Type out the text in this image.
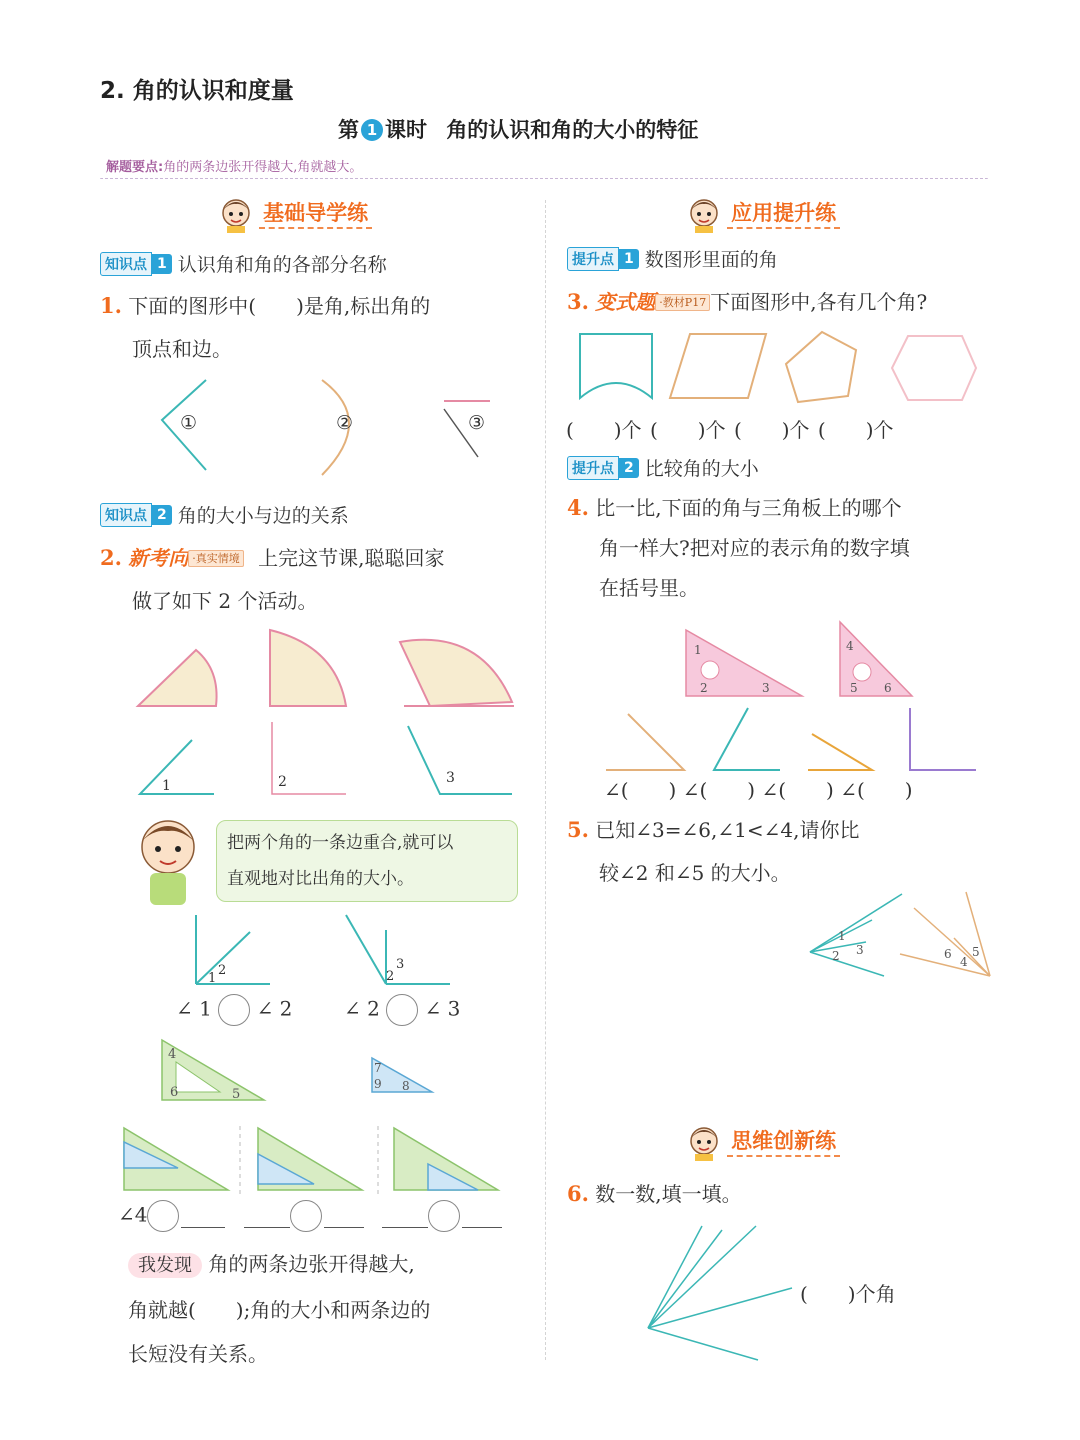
2. 角的认识和度量
第 1 课时 角的认识和角的大小的特征
解题要点:角的两条边张开得越大,角就越大。
基础导学练
知识点 1 认识角和角的各部分名称
1. 下面的图形中(　　)是角,标出角的
顶点和边。
①	②	③
知识点 2 角的大小与边的关系
2. 新考向 ·真实情境 上完这节课,聪聪回家
做了如下 2 个活动。
1	2	3
把两个角的一条边重合,就可以
直观地对比出角的大小。
1
2	2
3
∠ 1 ∠ 2	∠ 2 ∠ 3
4
6	5
7
9 8
∠4
我发现 角的两条边张开得越大,
角就越(　　);角的大小和两条边的
长短没有关系。
应用提升练
提升点 1 数图形里面的角
3. 变式题 ·教材P17 下面图形中,各有几个角?
(　　)个 (　　)个 (　　)个 (　　)个
提升点 2 比较角的大小
4. 比一比,下面的角与三角板上的哪个
角一样大?把对应的表示角的数字填
在括号里。
1
2	3
4
5 6
∠(　　) ∠(　　) ∠(　　) ∠(　　)
5. 已知∠3=∠6,∠1<∠4,请你比
较∠2 和∠5 的大小。
1
2 3	6
4
5
思维创新练
6. 数一数,填一填。
(　　)个角
